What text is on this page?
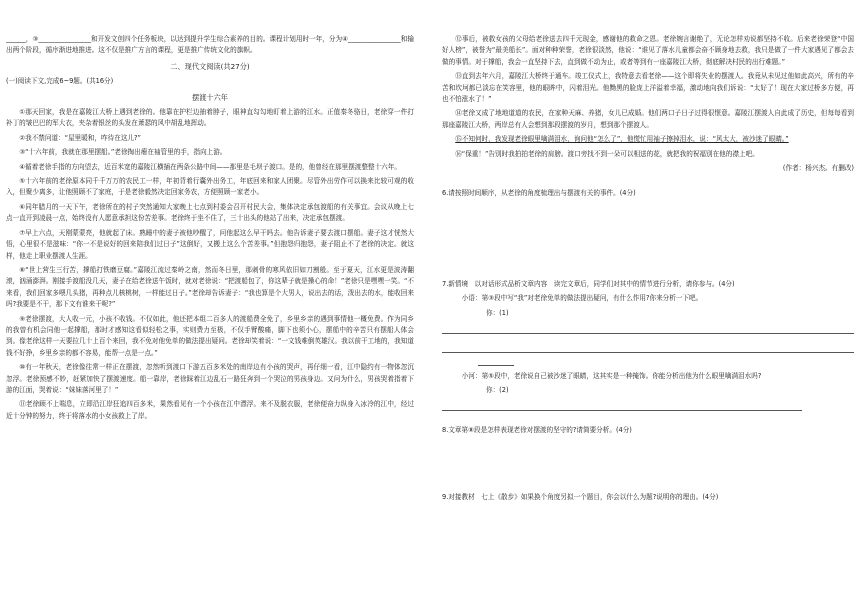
______，③________________和开发文创四个任务板块，以达到提升学生综合素养的目的。课程计划用时一年，分为④________________和输出两个阶段，循序渐进地推进。这不仅是推广方言的课程，更是推广传统文化的旗帜。

二、现代文阅读(共27分)

(一)阅读下文,完成6~9题。(共16分)

摆渡十六年

①那天回家，我是在嘉陵江大桥上遇到老徐的。他靠在护栏边抽着脖子，眼神直勾勾地盯着上游的江水。正值秦冬骆日，老徐穿一件打补丁的皱巴巴的军大衣，夹杂着银丝的头发在萧瑟的风中胡乱地挥动。

②我不禁问道：“屋里暖和，咋待在这儿?”

③“十六年前，我就在那里摆船。”老徐掏出瘪在袖管里的手，指向上游。

④循着老徐手指的方向望去，近百米宽的嘉陵江横插在两条公路中间——那里是毛坝子渡口。是的，他曾经在那里摆渡整整十六年。

⑤十六年前的老徐原本同千千万万的农民工一样，年初背着行囊外出务工，年底回来和家人团聚。尽管外出劳作可以换来比较可观的收入，但聚少离多，让他照顾不了家庭，于是老徐毅然决定回家务农，方便照顾一家老小。

⑥同年腊月的一天下午，老徐所在的村子突然通知大家晚上七点到村委会召开村民大会，集体决定承包渡船的有关事宜。会议从晚上七点一直开到凌晨一点，始终没有人愿意承担这份苦差事。老徐终于坐不住了，三十出头的他站了出来，决定承包摆渡。

⑦早上六点，天刚蒙蒙亮，他就起了床。熟睡中的妻子被他吵醒了，问他起这么早干吗去。他告诉妻子要去渡口摆船。妻子这才恍然大悟，心里很不是滋味：“你一不是说好的回来陪我们过日子”这倒好，又搬上这么个苦差事。”但抱怨归抱怨，妻子阻止不了老徐的决定。就这样，他走上职业摆渡人生涯。

⑧“世上营生三行苦，撑船打铁磨豆腐。”嘉陵江流过秦岭之南，然而冬日里，那刺骨的寒风依旧如刀割般。至于夏天，江水更是波涛翻滚，汹涌澎湃。刚接手渡船没几天，妻子在给老徐送午饭时，就对老徐说：“把渡船包了，你这辈子就是操心的命！”老徐只是嘿嘿一笑。“不来看，我们回家多喂几头猪，再种点儿核桃树，一样能过日子。”老徐却告诉妻子：“我也算是个大男人，说出去的话，泼出去的水，能收回来吗?我要是不干，那下文有谁来干呢?”

⑨老徐摆渡，大人收一元，小孩不收钱。不仅如此，他还把本组二百多人的渡船费全免了，乡里乡亲的遇到事情他一概免费。作为同乡的我曾有机会同他一起撑船，那时才感知这看似轻松之事，实则费力至极，不仅手臂酸痛，脚下也须小心，摆船中的辛苦只有摆船人体会到。像老徐这样一天要拉几十上百个来回，我不免对他免单的做法提出疑问。老徐却笑着说：“一文钱难倒英雄汉。我以前干工地的，我知道钱不好挣，乡里乡亲的都不容易，能帮一点是一点。”

⑩有一年秋天，老徐像往常一样正在摆渡，忽然听到渡口下游五百多米处的南岸边有小孩的哭声，再仔细一看，江中隐约有一物体忽沉忽浮。老徐预感不妙，赶紧加快了摆渡速度。船一靠岸，老徐踩着江边乱石一路狂奔到一个哭泣的男孩身边。又问为什么，男孩哭着指着下游的江面，哭着说：“妹妹落河里了！”

⑪老徐顾不上喘息，立即沿江岸狂追四百多米，果然看见有一个小孩在江中漂浮。来不及脱衣服，老徐便奋力纵身入冰冷的江中，经过近十分钟的努力，终于将落水的小女孩救上了岸。

⑫事后，被救女孩的父母给老徐送去四千元现金，感谢他的救命之恩。老徐婉言谢绝了，无论怎样劝说都坚持不收。后来老徐荣登“中国好人榜”，被誉为“最美船长”。面对种种荣誉，老徐很淡然，他说：“谁见了落水儿童都会奋不顾身地去救，我只是做了一件大家遇见了都会去做的事情。对于撑船，我会一直坚持下去，直到做不动为止，或者等到有一座嘉陵江大桥，彻底解决村民的出行难题。”

⑬直到去年六月，嘉陵江大桥终于通车。竣工仪式上，我特意去看老徐——这个即将失业的摆渡人。我竟从未见过他如此高兴，所有的辛苦和坎坷都已淡忘在笑容里，他的眼眸中，闪着泪光。他黝黑的脸庞上洋溢着幸福，激动地向我们诉说：“太好了！现在大家过桥多方便，再也不怕涨水了！”

⑭老徐又成了地地道道的农民，在家种天麻、养猪，女儿已成婚。他们两口子日子过得很惬意。嘉陵江摆渡人自此成了历史，但每每看到那座嘉陵江大桥，两岸总有人会想到那段摆渡的岁月，想到那个摆渡人。

⑮不知何时，我发现老徐眼里噙满泪水，询问他“怎么了”，他慌忙用袖子擦掉泪水，说：“风太大，被沙迷了眼睛。”

⑯“保重！”告别时我拍拍老徐的肩膀。渡口旁找不到一朵可以相送的花，就把我的祝福别在他的襟上吧。

(作者：杨兴杰。有删改)

6.请按照时间顺序，从老徐的角度梳理出与摆渡有关的事件。(4分)

7.新情境　以对话形式品析文章内容　读完文章后，同学们对其中的情节进行分析，请你参与。(4分)

小语：第③段中写“我”对老徐免单的做法提出疑问，有什么作用?你来分析一下吧。

你：(1)

小河：第⑤段中，老徐说自己被沙迷了眼睛，这其实是一种掩饰。你能分析出他为什么眼里噙满泪水吗?

你：(2)

8.文章第⑧段是怎样表现老徐对摆渡的坚守的?请简要分析。(4分)

9.对接教材　七上《散步》如果换个角度另拟一个题目，你会以什么为题?说明你的理由。(4分)
